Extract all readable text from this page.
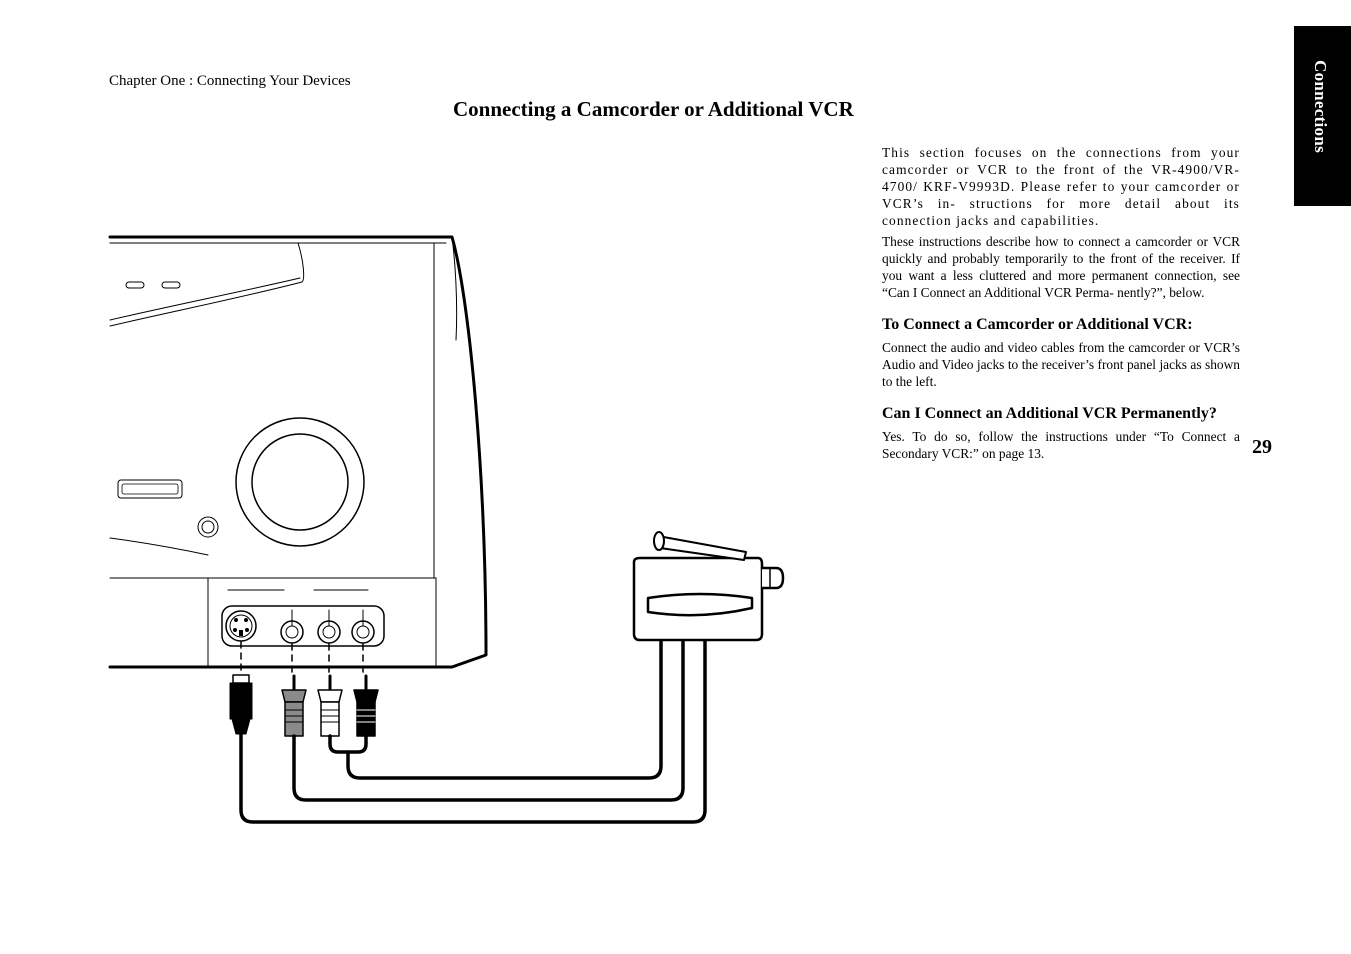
Chapter One : Connecting Your Devices
Connecting a Camcorder or Additional VCR	Connections
29

This section focuses on the connections from your camcorder or VCR to the front of the VR-4900/VR-4700/ KRF-V9993D. Please refer to your camcorder or VCR’s in- structions for more detail about its connection jacks and capabilities.

These instructions describe how to connect a camcorder or VCR quickly and probably temporarily to the front of the receiver. If you want a less cluttered and more permanent connection, see “Can I Connect an Additional VCR Perma- nently?”, below.

To Connect a Camcorder or Additional VCR:

Connect the audio and video cables from the camcorder or VCR’s Audio and Video jacks to the receiver’s front panel jacks as shown to the left.

Can I Connect an Additional VCR Permanently?

Yes. To do so, follow the instructions under “To Connect a Secondary VCR:” on page 13.
